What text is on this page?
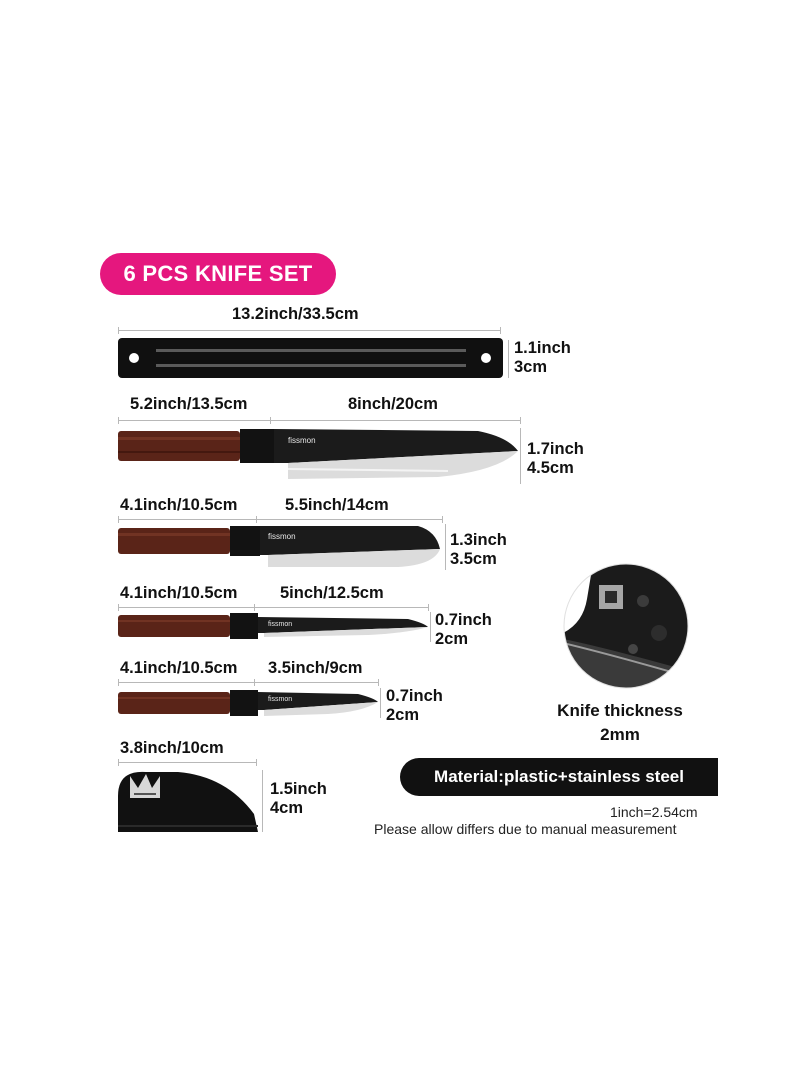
6 PCS KNIFE SET
13.2inch/33.5cm
1.1inch
3cm
5.2inch/13.5cm	8inch/20cm
fissmon	1.7inch
4.5cm
4.1inch/10.5cm	5.5inch/14cm
fissmon	1.3inch
3.5cm
4.1inch/10.5cm	5inch/12.5cm
fissmon	0.7inch
2cm
4.1inch/10.5cm 3.5inch/9cm
fissmon	0.7inch
2cm
3.8inch/10cm
1.5inch
4cm
Knife thickness
2mm
Material:plastic+stainless steel
1inch=2.54cm
Please allow differs due to manual measurement
